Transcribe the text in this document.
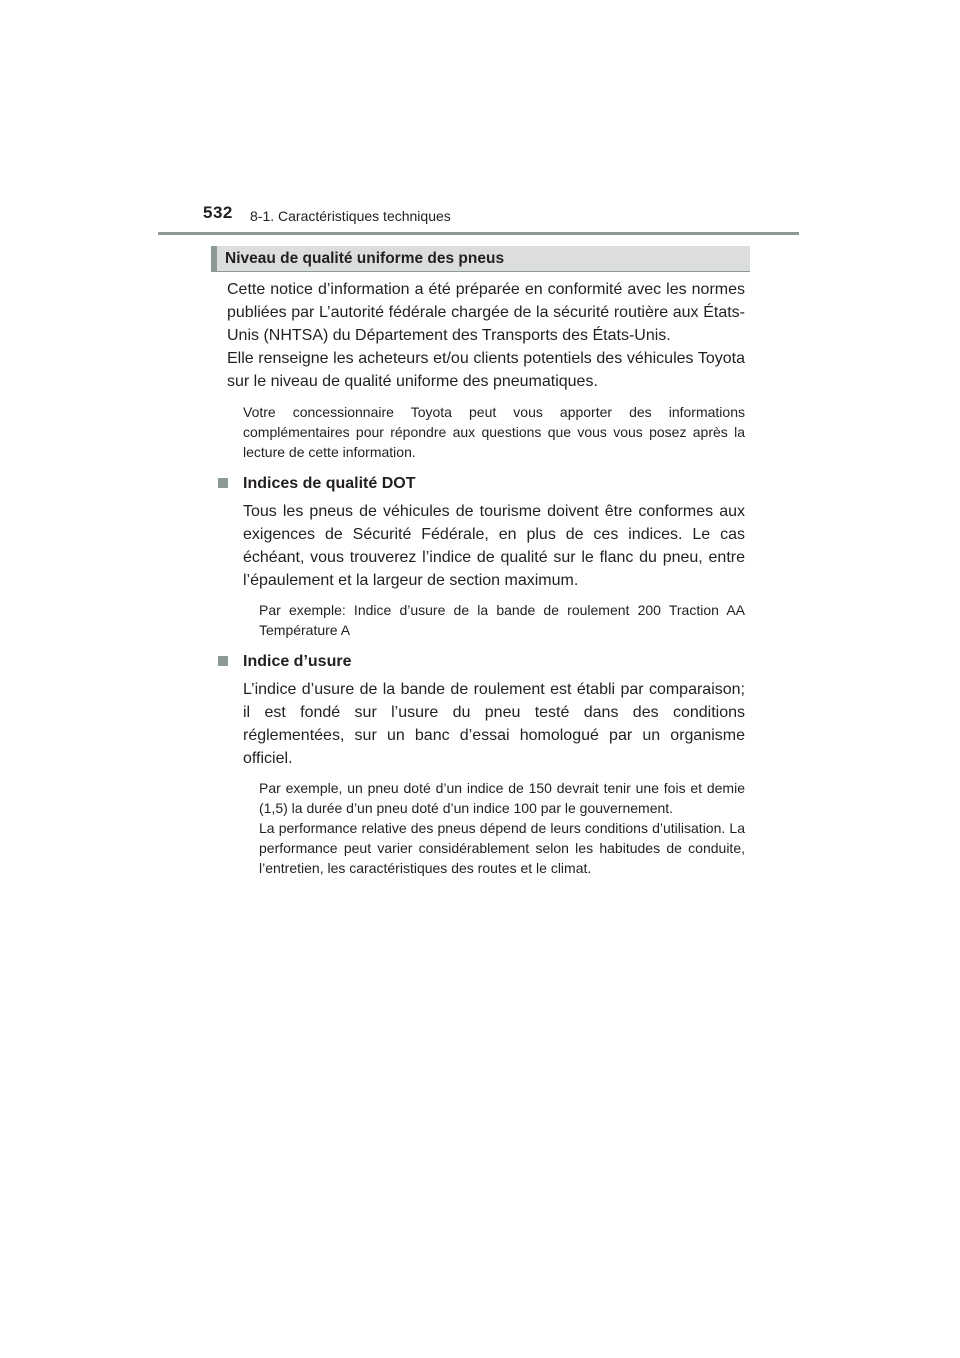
532 8-1. Caractéristiques techniques
Niveau de qualité uniforme des pneus

Cette notice d’information a été préparée en conformité avec les normes publiées par L’autorité fédérale chargée de la sécurité routière aux États-Unis (NHTSA) du Département des Transports des États-Unis.

Elle renseigne les acheteurs et/ou clients potentiels des véhicules Toyota sur le niveau de qualité uniforme des pneumatiques.

Votre concessionnaire Toyota peut vous apporter des informations complémentaires pour répondre aux questions que vous vous posez après la lecture de cette information.

Indices de qualité DOT

Tous les pneus de véhicules de tourisme doivent être conformes aux exigences de Sécurité Fédérale, en plus de ces indices. Le cas échéant, vous trouverez l’indice de qualité sur le flanc du pneu, entre l’épaulement et la largeur de section maximum.

Par exemple: Indice d’usure de la bande de roulement 200 Traction AA Température A

Indice d’usure

L’indice d’usure de la bande de roulement est établi par comparaison; il est fondé sur l’usure du pneu testé dans des conditions réglementées, sur un banc d’essai homologué par un organisme officiel.

Par exemple, un pneu doté d’un indice de 150 devrait tenir une fois et demie (1,5) la durée d’un pneu doté d’un indice 100 par le gouvernement.

La performance relative des pneus dépend de leurs conditions d’utilisation. La performance peut varier considérablement selon les habitudes de conduite, l’entretien, les caractéristiques des routes et le climat.
